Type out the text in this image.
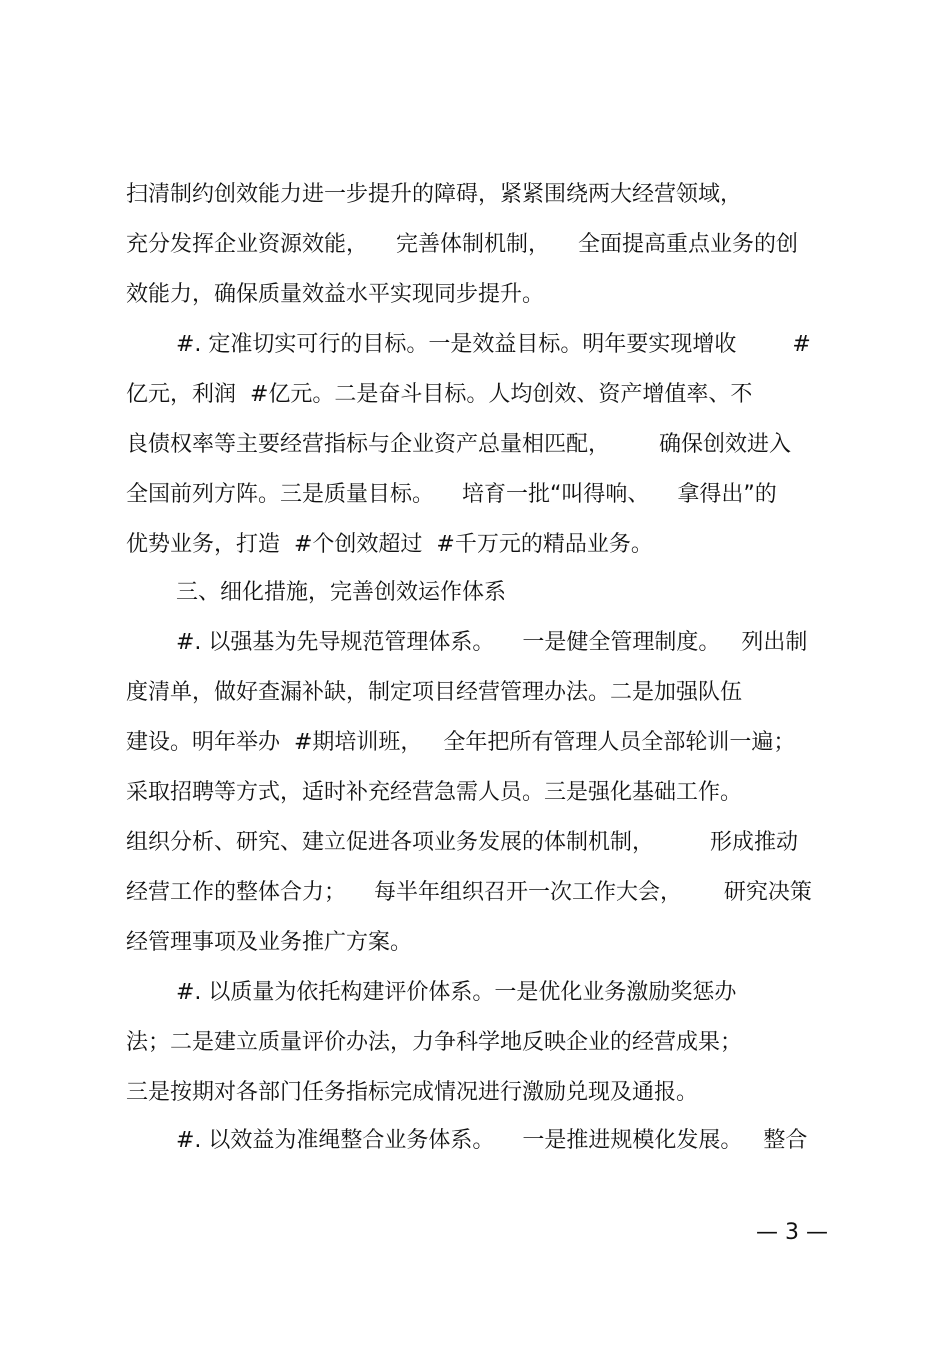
扫清制约创效能力进一步提升的障碍，紧紧围绕两大经营领域，

充分发挥企业资源效能，    完善体制机制，    全面提高重点业务的创

效能力，确保质量效益水平实现同步提升。

#. 定准切实可行的目标。一是效益目标。明年要实现增收        #

亿元，利润  #亿元。二是奋斗目标。人均创效、资产增值率、不

良债权率等主要经营指标与企业资产总量相匹配，       确保创效进入

全国前列方阵。三是质量目标。    培育一批“叫得响、    拿得出”的

优势业务，打造  #个创效超过  #千万元的精品业务。

三、细化措施，完善创效运作体系

#. 以强基为先导规范管理体系。    一是健全管理制度。   列出制

度清单，做好查漏补缺，制定项目经营管理办法。二是加强队伍

建设。明年举办  #期培训班，   全年把所有管理人员全部轮训一遍；

采取招聘等方式，适时补充经营急需人员。三是强化基础工作。

组织分析、研究、建立促进各项业务发展的体制机制，        形成推动

经营工作的整体合力；    每半年组织召开一次工作大会，      研究决策

经管理事项及业务推广方案。

#. 以质量为依托构建评价体系。一是优化业务激励奖惩办

法；二是建立质量评价办法，力争科学地反映企业的经营成果；

三是按期对各部门任务指标完成情况进行激励兑现及通报。

#. 以效益为准绳整合业务体系。    一是推进规模化发展。   整合

— 3 —
